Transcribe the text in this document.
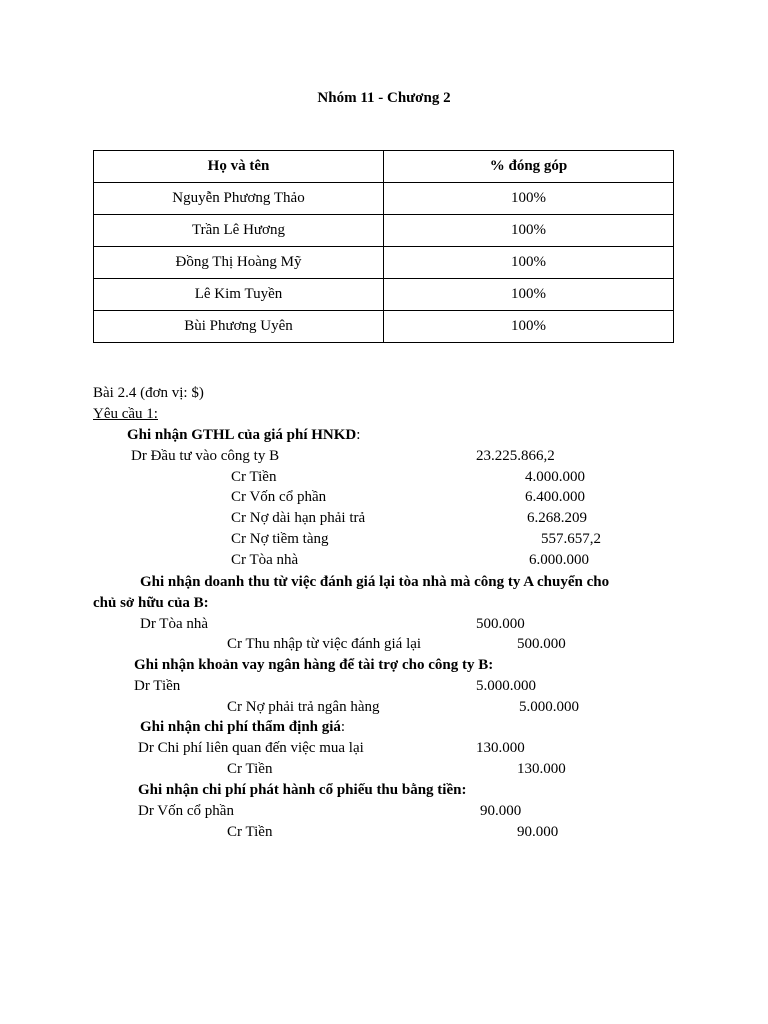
Nhóm 11 - Chương 2
Họ và tên	% đóng góp
Nguyễn Phương Thảo	100%
Trần Lê Hương	100%
Đồng Thị Hoàng Mỹ	100%
Lê Kim Tuyền	100%
Bùi Phương Uyên	100%
Bài 2.4 (đơn vị: $)
Yêu cầu 1:
Ghi nhận GTHL của giá phí HNKD:
Dr Đầu tư vào công ty B	23.225.866,2
Cr Tiền	4.000.000
Cr Vốn cổ phần	6.400.000
Cr Nợ dài hạn phải trả	6.268.209
Cr Nợ tiềm tàng	557.657,2
Cr Tòa nhà	6.000.000
Ghi nhận doanh thu từ việc đánh giá lại tòa nhà mà công ty A chuyển cho
chủ sở hữu của B:
Dr Tòa nhà	500.000
Cr Thu nhập từ việc đánh giá lại	500.000
Ghi nhận khoản vay ngân hàng để tài trợ cho công ty B:
Dr Tiền	5.000.000
Cr Nợ phải trả ngân hàng	5.000.000
Ghi nhận chi phí thẩm định giá:
Dr Chi phí liên quan đến việc mua lại	130.000
Cr Tiền	130.000
Ghi nhận chi phí phát hành cổ phiếu thu bằng tiền:
Dr Vốn cổ phần	90.000
Cr Tiền	90.000
